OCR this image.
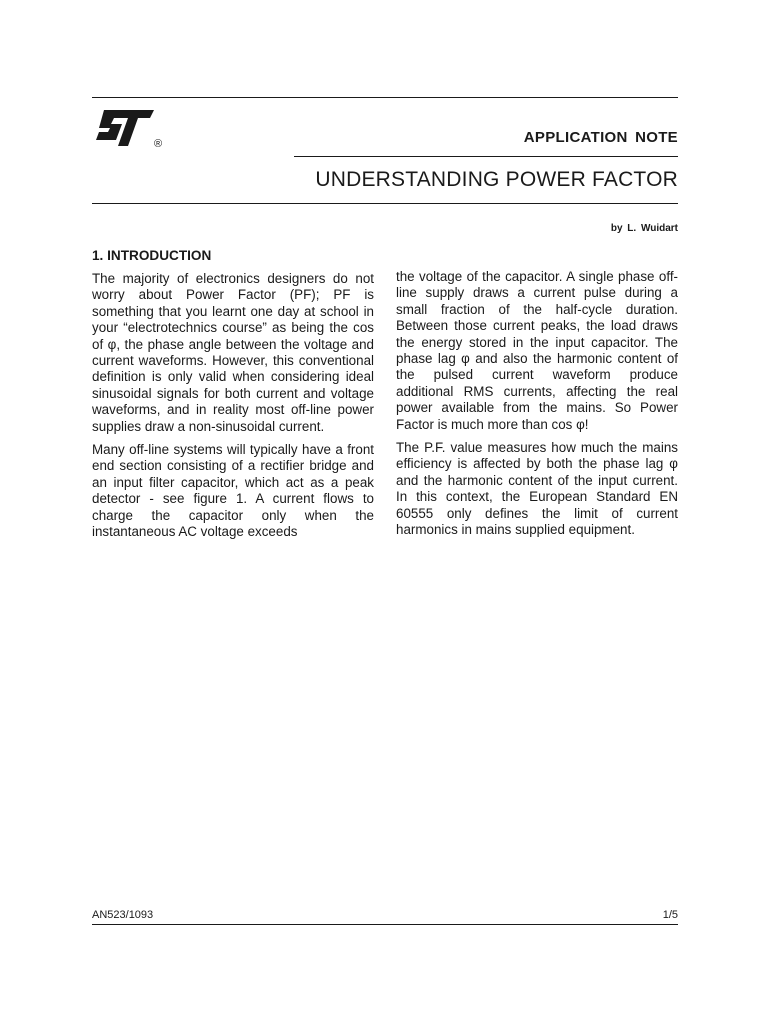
®	APPLICATION NOTE
UNDERSTANDING POWER FACTOR
by L. Wuidart
1. INTRODUCTION

The majority of electronics designers do not worry about Power Factor (PF); PF is something that you learnt one day at school in your “electrotechnics course” as being the cos of φ, the phase angle between the voltage and current waveforms. However, this conventional definition is only valid when considering ideal sinusoidal signals for both current and voltage waveforms, and in reality most off-line power supplies draw a non-sinusoidal current.

Many off-line systems will typically have a front end section consisting of a rectifier bridge and an input filter capacitor, which act as a peak detector - see figure 1. A current flows to charge the capacitor only when the instantaneous AC voltage exceeds

the voltage of the capacitor. A single phase off-line supply draws a current pulse during a small fraction of the half-cycle duration. Between those current peaks, the load draws the energy stored in the input capacitor. The phase lag φ and also the harmonic content of the pulsed current waveform produce additional RMS currents, affecting the real power available from the mains. So Power Factor is much more than cos φ!

The P.F. value measures how much the mains efficiency is affected by both the phase lag φ and the harmonic content of the input current. In this context, the European Standard EN 60555 only defines the limit of current harmonics in mains supplied equipment.

AN523/1093	1/5
